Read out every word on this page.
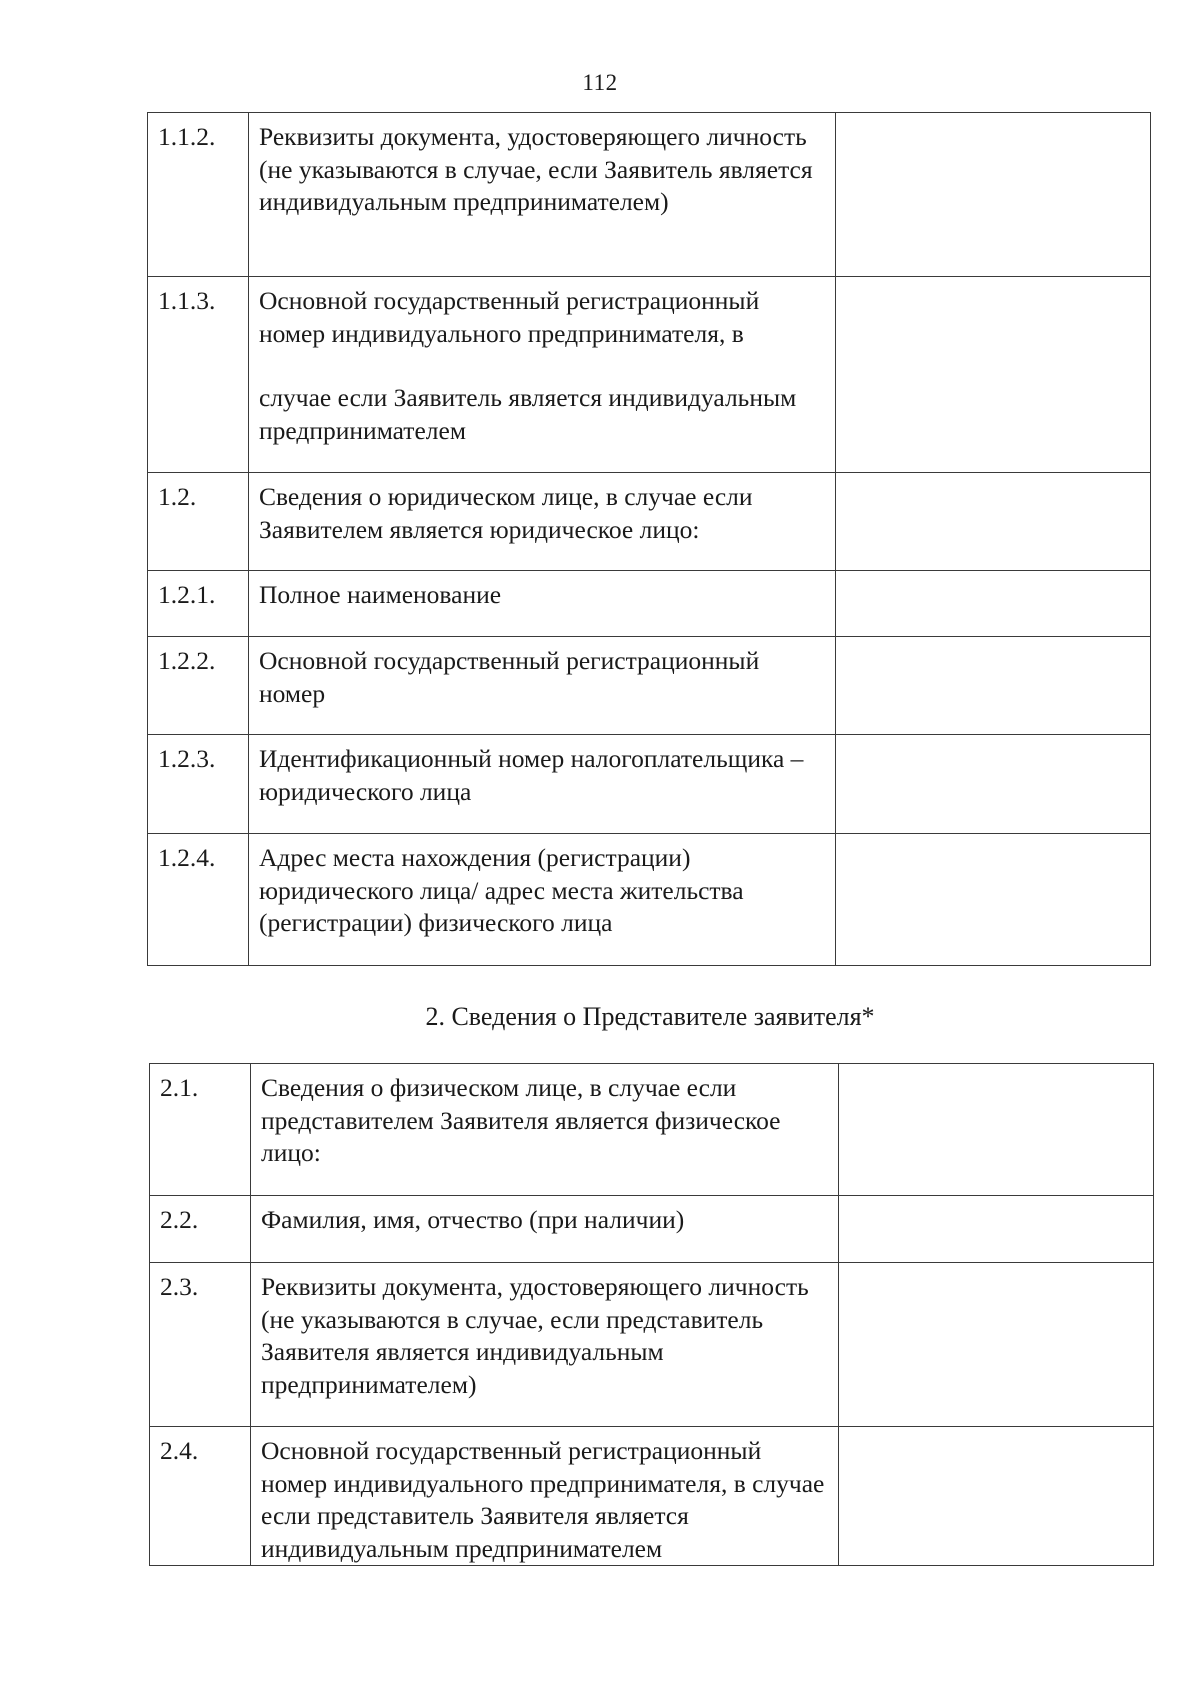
112
1.1.2.	Реквизиты документа, удостоверяющего личность (не указываются в случае, если Заявитель является индивидуальным предпринимателем)	
1.1.3.	Основной государственный регистрационный номер индивидуального предпринимателя, в
случае если Заявитель является индивидуальным предпринимателем	
1.2.	Сведения о юридическом лице, в случае если Заявителем является юридическое лицо:	
1.2.1.	Полное наименование	
1.2.2.	Основной государственный регистрационный номер	
1.2.3.	Идентификационный номер налогоплательщика – юридического лица	
1.2.4.	Адрес места нахождения (регистрации) юридического лица/ адрес места жительства (регистрации) физического лица	
2. Сведения о Представителе заявителя*
2.1.	Сведения о физическом лице, в случае если представителем Заявителя является физическое лицо:	
2.2.	Фамилия, имя, отчество (при наличии)	
2.3.	Реквизиты документа, удостоверяющего личность (не указываются в случае, если представитель Заявителя является индивидуальным предпринимателем)	
2.4.	Основной государственный регистрационный номер индивидуального предпринимателя, в случае если представитель Заявителя является индивидуальным предпринимателем	
